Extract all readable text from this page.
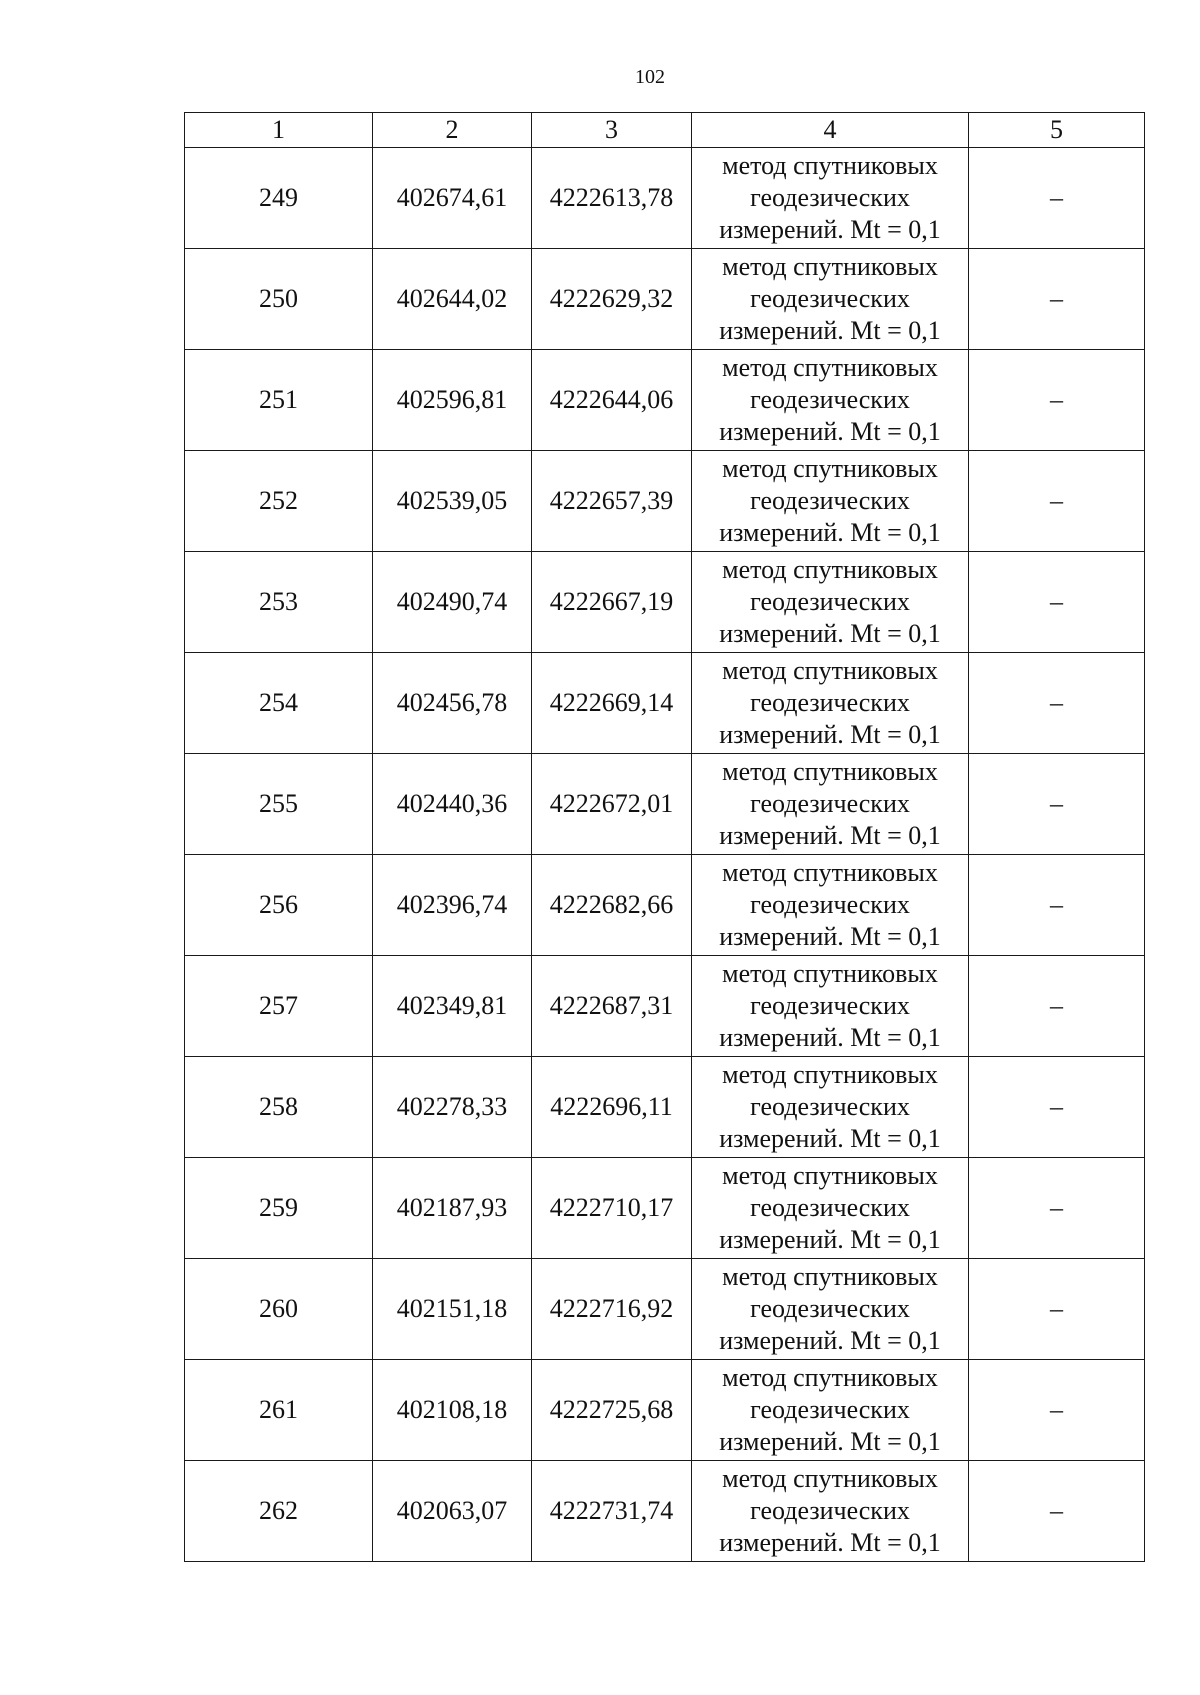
102
1	2	3	4	5
249	402674,61	4222613,78	метод спутниковых
геодезических
измерений. Mt = 0,1	–
250	402644,02	4222629,32	метод спутниковых
геодезических
измерений. Mt = 0,1	–
251	402596,81	4222644,06	метод спутниковых
геодезических
измерений. Mt = 0,1	–
252	402539,05	4222657,39	метод спутниковых
геодезических
измерений. Mt = 0,1	–
253	402490,74	4222667,19	метод спутниковых
геодезических
измерений. Mt = 0,1	–
254	402456,78	4222669,14	метод спутниковых
геодезических
измерений. Mt = 0,1	–
255	402440,36	4222672,01	метод спутниковых
геодезических
измерений. Mt = 0,1	–
256	402396,74	4222682,66	метод спутниковых
геодезических
измерений. Mt = 0,1	–
257	402349,81	4222687,31	метод спутниковых
геодезических
измерений. Mt = 0,1	–
258	402278,33	4222696,11	метод спутниковых
геодезических
измерений. Mt = 0,1	–
259	402187,93	4222710,17	метод спутниковых
геодезических
измерений. Mt = 0,1	–
260	402151,18	4222716,92	метод спутниковых
геодезических
измерений. Mt = 0,1	–
261	402108,18	4222725,68	метод спутниковых
геодезических
измерений. Mt = 0,1	–
262	402063,07	4222731,74	метод спутниковых
геодезических
измерений. Mt = 0,1	–
